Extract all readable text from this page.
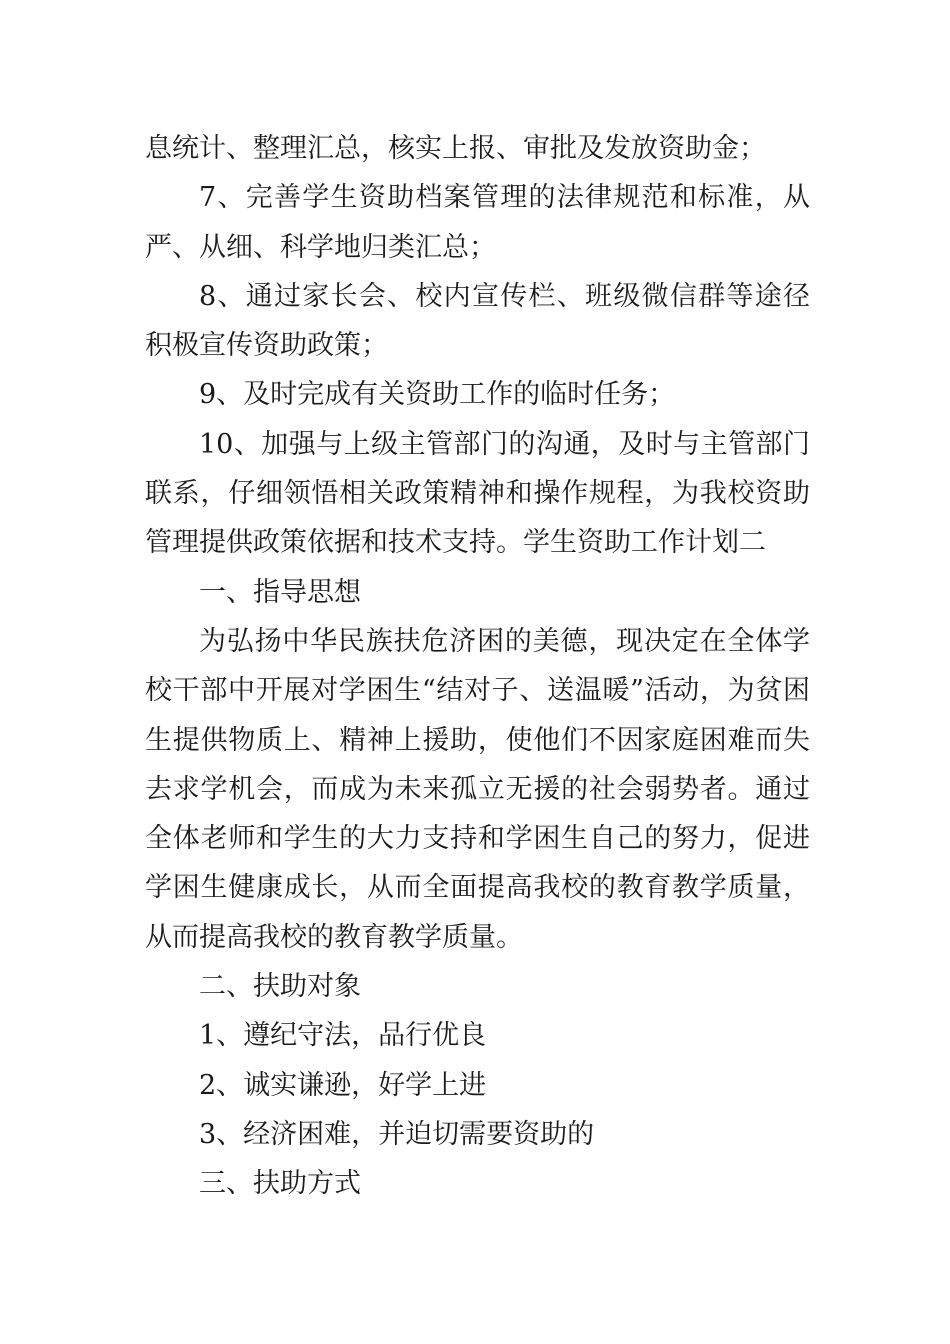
息统计、整理汇总，核实上报、审批及发放资助金；

7、完善学生资助档案管理的法律规范和标准，从严、从细、科学地归类汇总；

8、通过家长会、校内宣传栏、班级微信群等途径积极宣传资助政策；

9、及时完成有关资助工作的临时任务；

10、加强与上级主管部门的沟通，及时与主管部门联系，仔细领悟相关政策精神和操作规程，为我校资助管理提供政策依据和技术支持。学生资助工作计划二

一、指导思想

为弘扬中华民族扶危济困的美德，现决定在全体学校干部中开展对学困生“结对子、送温暖”活动，为贫困生提供物质上、精神上援助，使他们不因家庭困难而失去求学机会，而成为未来孤立无援的社会弱势者。通过全体老师和学生的大力支持和学困生自己的努力，促进学困生健康成长，从而全面提高我校的教育教学质量，从而提高我校的教育教学质量。

二、扶助对象

1、遵纪守法，品行优良

2、诚实谦逊，好学上进

3、经济困难，并迫切需要资助的

三、扶助方式
